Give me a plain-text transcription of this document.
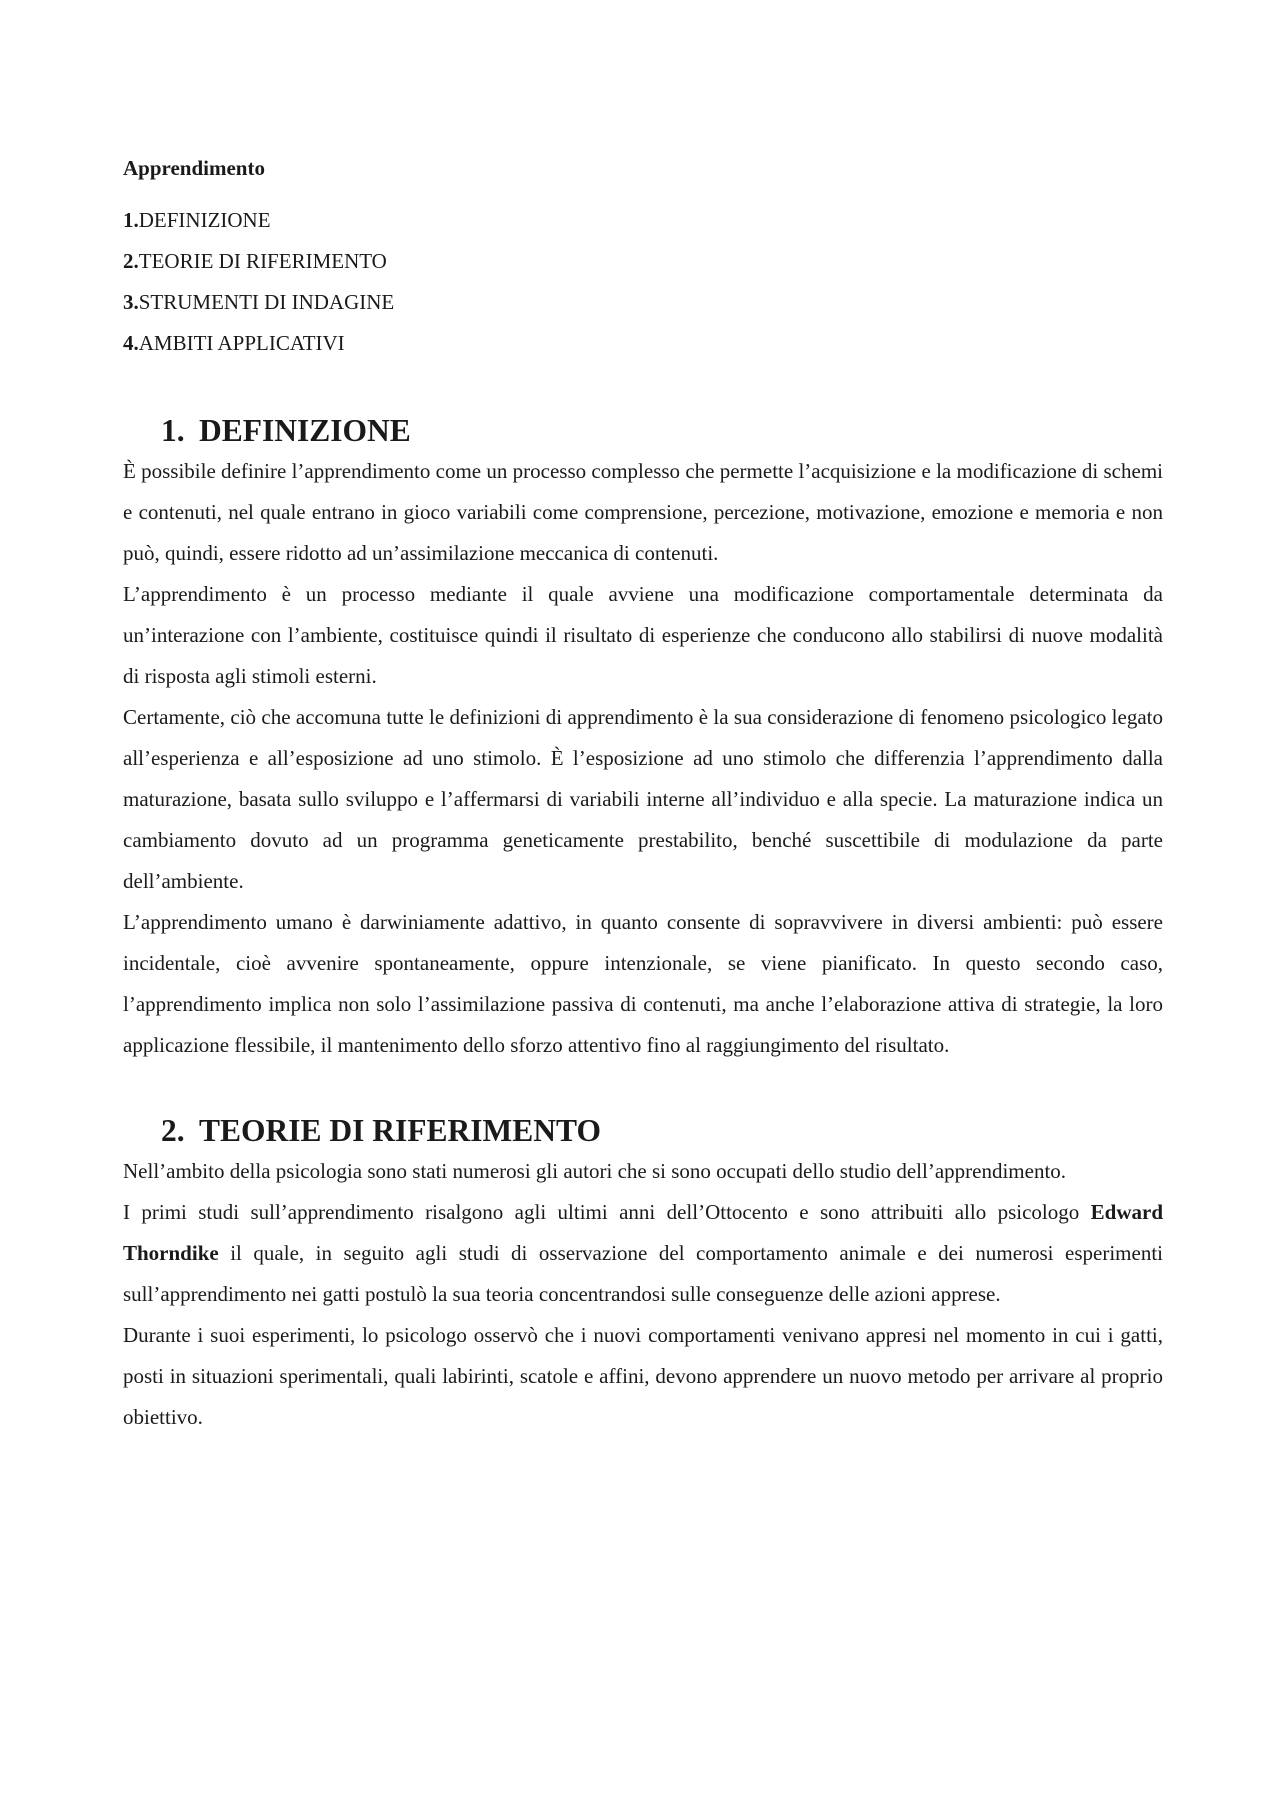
Apprendimento

1.DEFINIZIONE
2.TEORIE DI RIFERIMENTO
3.STRUMENTI DI INDAGINE
4.AMBITI APPLICATIVI
1. DEFINIZIONE

È possibile definire l’apprendimento come un processo complesso che permette l’acquisizione e la modificazione di schemi e contenuti, nel quale entrano in gioco variabili come comprensione, percezione, motivazione, emozione e memoria e non può, quindi, essere ridotto ad un’assimilazione meccanica di contenuti.

L’apprendimento è un processo mediante il quale avviene una modificazione comportamentale determinata da un’interazione con l’ambiente, costituisce quindi il risultato di esperienze che conducono allo stabilirsi di nuove modalità di risposta agli stimoli esterni.

Certamente, ciò che accomuna tutte le definizioni di apprendimento è la sua considerazione di fenomeno psicologico legato all’esperienza e all’esposizione ad uno stimolo. È l’esposizione ad uno stimolo che differenzia l’apprendimento dalla maturazione, basata sullo sviluppo e l’affermarsi di variabili interne all’individuo e alla specie. La maturazione indica un cambiamento dovuto ad un programma geneticamente prestabilito, benché suscettibile di modulazione da parte dell’ambiente.

L’apprendimento umano è darwiniamente adattivo, in quanto consente di sopravvivere in diversi ambienti: può essere incidentale, cioè avvenire spontaneamente, oppure intenzionale, se viene pianificato. In questo secondo caso, l’apprendimento implica non solo l’assimilazione passiva di contenuti, ma anche l’elaborazione attiva di strategie, la loro applicazione flessibile, il mantenimento dello sforzo attentivo fino al raggiungimento del risultato.

2. TEORIE DI RIFERIMENTO

Nell’ambito della psicologia sono stati numerosi gli autori che si sono occupati dello studio dell’apprendimento.

I primi studi sull’apprendimento risalgono agli ultimi anni dell’Ottocento e sono attribuiti allo psicologo Edward Thorndike il quale, in seguito agli studi di osservazione del comportamento animale e dei numerosi esperimenti sull’apprendimento nei gatti postulò la sua teoria concentrandosi sulle conseguenze delle azioni apprese.

Durante i suoi esperimenti, lo psicologo osservò che i nuovi comportamenti venivano appresi nel momento in cui i gatti, posti in situazioni sperimentali, quali labirinti, scatole e affini, devono apprendere un nuovo metodo per arrivare al proprio obiettivo.
